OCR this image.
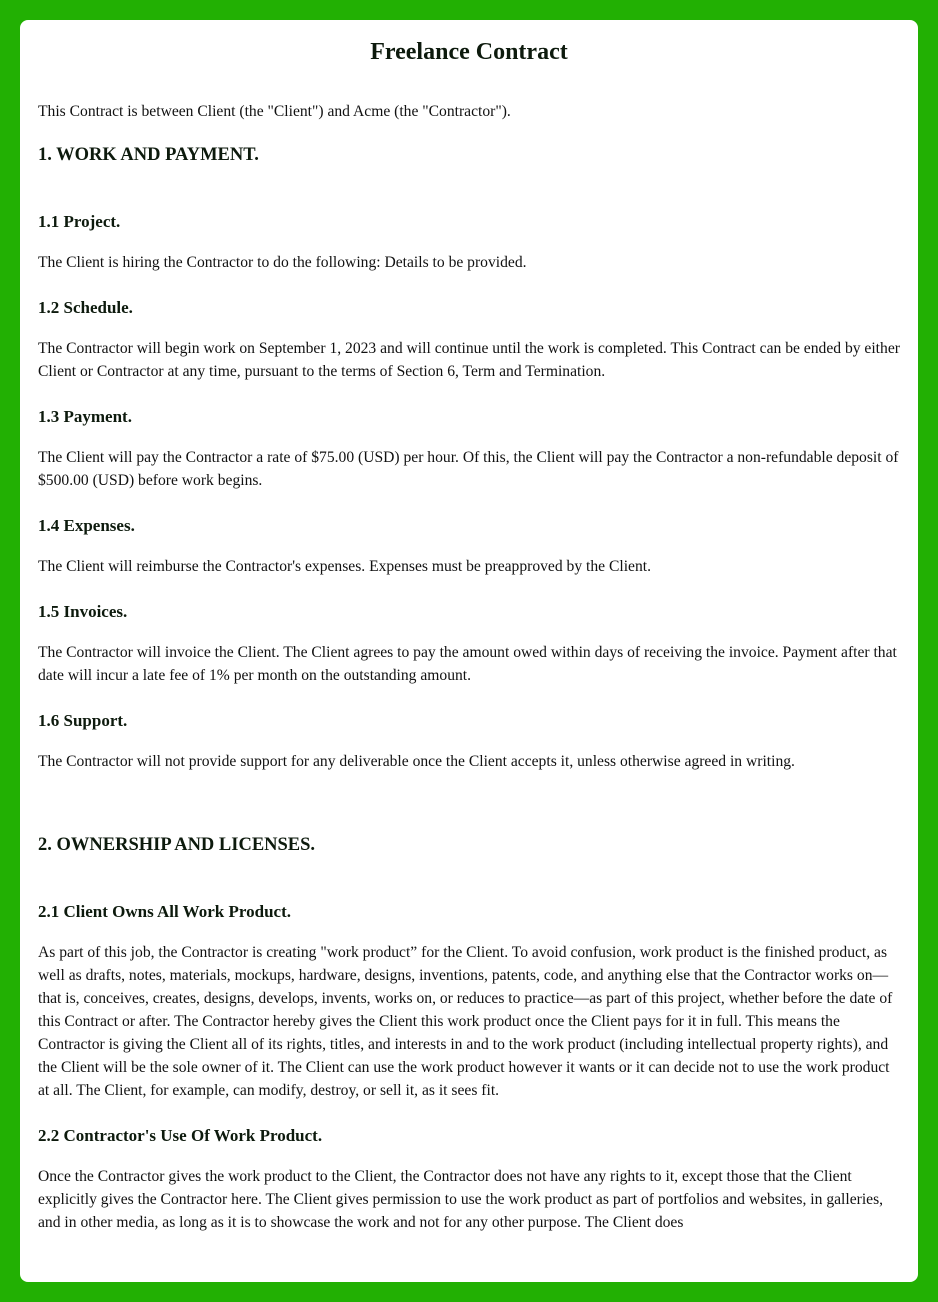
Freelance Contract

This Contract is between Client (the "Client") and Acme (the "Contractor").

1. WORK AND PAYMENT.
1.1 Project.

The Client is hiring the Contractor to do the following: Details to be provided.

1.2 Schedule.

The Contractor will begin work on September 1, 2023 and will continue until the work is completed. This Contract can be ended by either Client or Contractor at any time, pursuant to the terms of Section 6, Term and Termination.

1.3 Payment.

The Client will pay the Contractor a rate of $75.00 (USD) per hour. Of this, the Client will pay the Contractor a non-refundable deposit of $500.00 (USD) before work begins.

1.4 Expenses.

The Client will reimburse the Contractor's expenses. Expenses must be preapproved by the Client.

1.5 Invoices.

The Contractor will invoice the Client. The Client agrees to pay the amount owed within days of receiving the invoice. Payment after that date will incur a late fee of 1% per month on the outstanding amount.

1.6 Support.

The Contractor will not provide support for any deliverable once the Client accepts it, unless otherwise agreed in writing.

2. OWNERSHIP AND LICENSES.
2.1 Client Owns All Work Product.

As part of this job, the Contractor is creating "work product” for the Client. To avoid confusion, work product is the finished product, as well as drafts, notes, materials, mockups, hardware, designs, inventions, patents, code, and anything else that the Contractor works on—that is, conceives, creates, designs, develops, invents, works on, or reduces to practice—as part of this project, whether before the date of this Contract or after. The Contractor hereby gives the Client this work product once the Client pays for it in full. This means the Contractor is giving the Client all of its rights, titles, and interests in and to the work product (including intellectual property rights), and the Client will be the sole owner of it. The Client can use the work product however it wants or it can decide not to use the work product at all. The Client, for example, can modify, destroy, or sell it, as it sees fit.

2.2 Contractor's Use Of Work Product.

Once the Contractor gives the work product to the Client, the Contractor does not have any rights to it, except those that the Client explicitly gives the Contractor here. The Client gives permission to use the work product as part of portfolios and websites, in galleries, and in other media, as long as it is to showcase the work and not for any other purpose. The Client does
